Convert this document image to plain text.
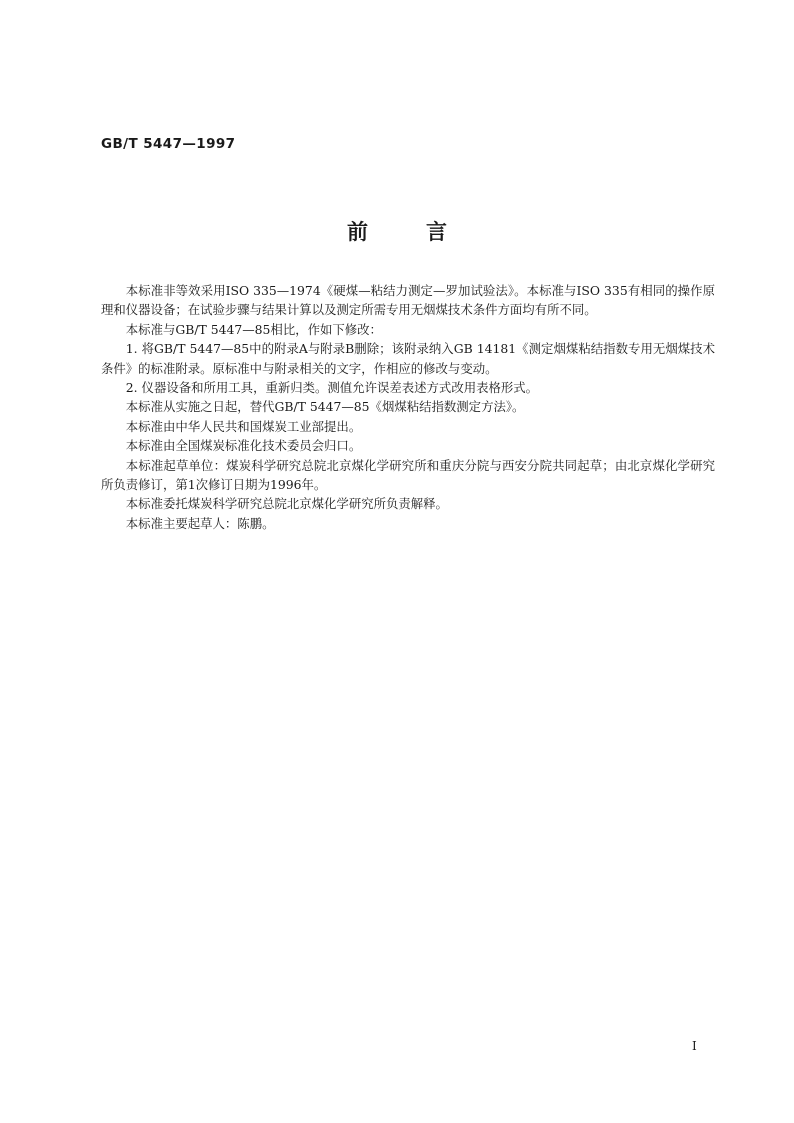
GB/T 5447—1997
前言

本标准非等效采用ISO 335—1974《硬煤—粘结力测定—罗加试验法》。本标准与ISO 335有相同的操作原理和仪器设备；在试验步骤与结果计算以及测定所需专用无烟煤技术条件方面均有所不同。

本标准与GB/T 5447—85相比，作如下修改：

1. 将GB/T 5447—85中的附录A与附录B删除；该附录纳入GB 14181《测定烟煤粘结指数专用无烟煤技术条件》的标准附录。原标准中与附录相关的文字，作相应的修改与变动。

2. 仪器设备和所用工具，重新归类。测值允许误差表述方式改用表格形式。

本标准从实施之日起，替代GB/T 5447—85《烟煤粘结指数测定方法》。

本标准由中华人民共和国煤炭工业部提出。

本标准由全国煤炭标准化技术委员会归口。

本标准起草单位：煤炭科学研究总院北京煤化学研究所和重庆分院与西安分院共同起草；由北京煤化学研究所负责修订，第1次修订日期为1996年。

本标准委托煤炭科学研究总院北京煤化学研究所负责解释。

本标准主要起草人：陈鹏。

I
